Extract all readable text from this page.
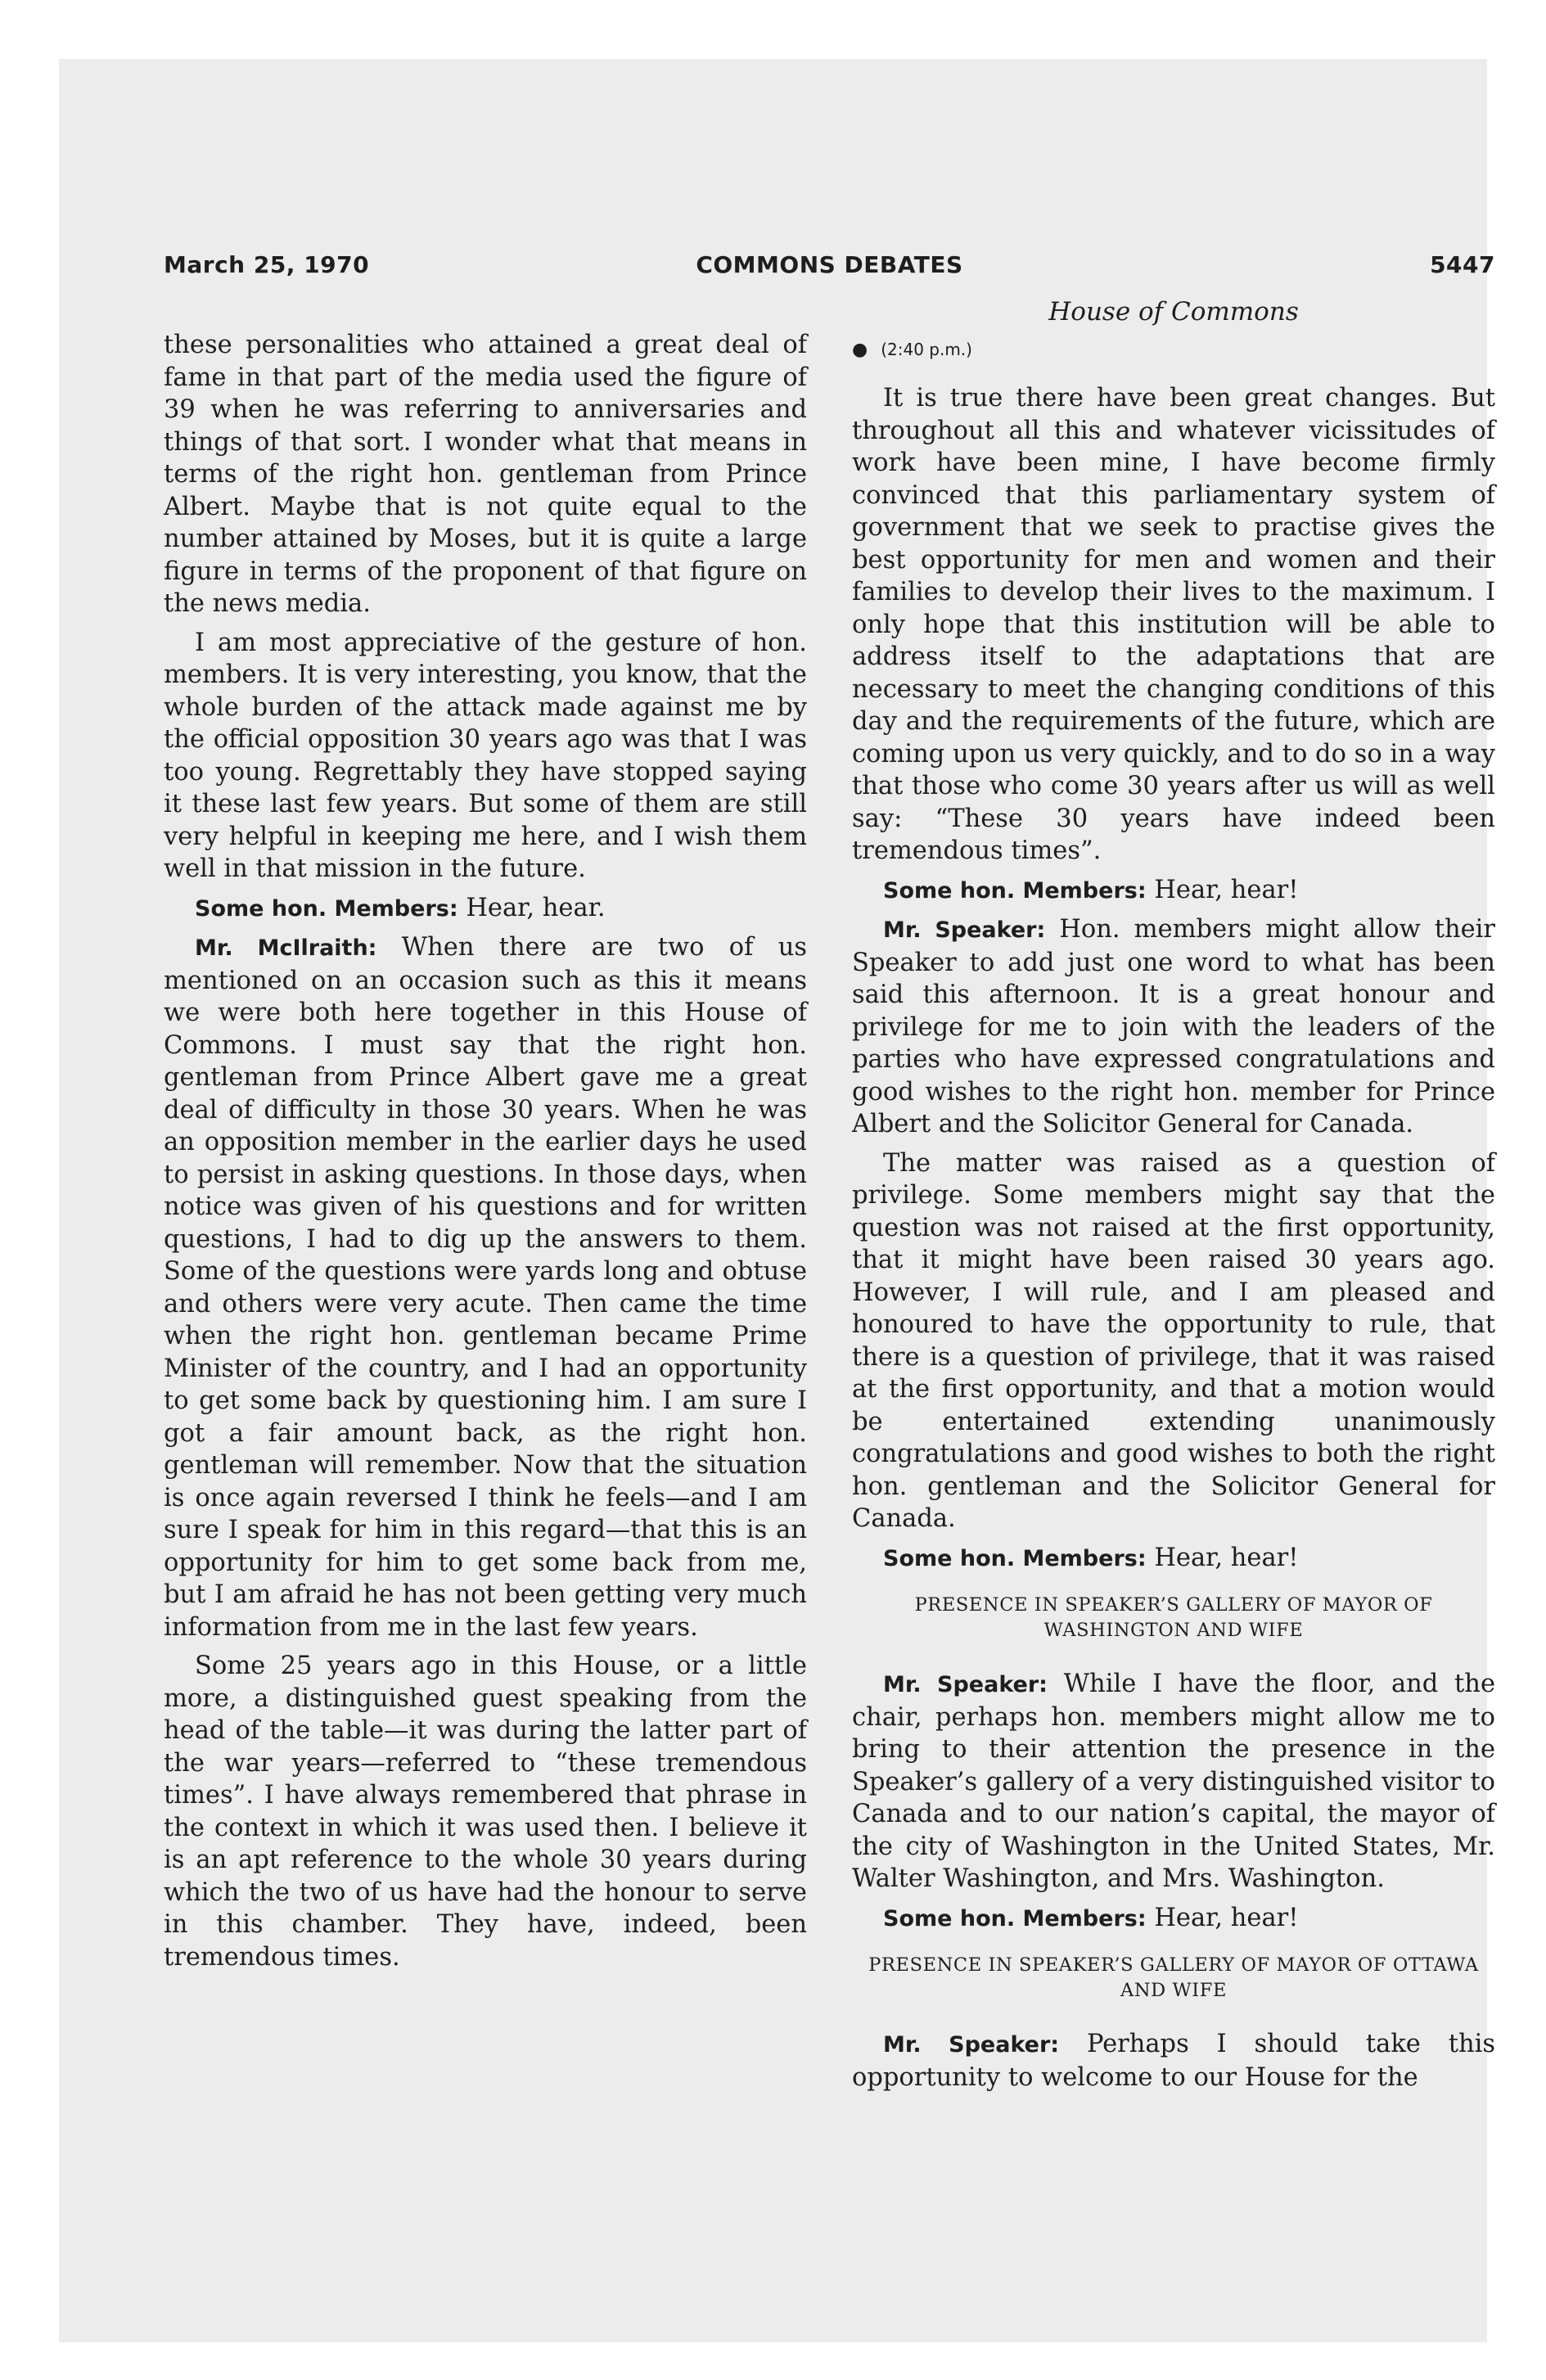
March 25, 1970	COMMONS DEBATES	5447

these personalities who attained a great deal of fame in that part of the media used the figure of 39 when he was referring to anniversaries and things of that sort. I wonder what that means in terms of the right hon. gentleman from Prince Albert. Maybe that is not quite equal to the number attained by Moses, but it is quite a large figure in terms of the proponent of that figure on the news media.

I am most appreciative of the gesture of hon. members. It is very interesting, you know, that the whole burden of the attack made against me by the official opposition 30 years ago was that I was too young. Regrettably they have stopped saying it these last few years. But some of them are still very helpful in keeping me here, and I wish them well in that mission in the future.

Some hon. Members: Hear, hear.

Mr. McIlraith: When there are two of us mentioned on an occasion such as this it means we were both here together in this House of Commons. I must say that the right hon. gentleman from Prince Albert gave me a great deal of difficulty in those 30 years. When he was an opposition member in the earlier days he used to persist in asking questions. In those days, when notice was given of his questions and for written questions, I had to dig up the answers to them. Some of the questions were yards long and obtuse and others were very acute. Then came the time when the right hon. gentleman became Prime Minister of the country, and I had an opportunity to get some back by questioning him. I am sure I got a fair amount back, as the right hon. gentleman will remember. Now that the situation is once again reversed I think he feels—and I am sure I speak for him in this regard—that this is an opportunity for him to get some back from me, but I am afraid he has not been getting very much information from me in the last few years.

Some 25 years ago in this House, or a little more, a distinguished guest speaking from the head of the table—it was during the latter part of the war years—referred to “these tremendous times”. I have always remembered that phrase in the context in which it was used then. I believe it is an apt reference to the whole 30 years during which the two of us have had the honour to serve in this chamber. They have, indeed, been tremendous times.

House of Commons

● (2:40 p.m.)

It is true there have been great changes. But throughout all this and whatever vicissitudes of work have been mine, I have become firmly convinced that this parliamentary system of government that we seek to practise gives the best opportunity for men and women and their families to develop their lives to the maximum. I only hope that this institution will be able to address itself to the adaptations that are necessary to meet the changing conditions of this day and the requirements of the future, which are coming upon us very quickly, and to do so in a way that those who come 30 years after us will as well say: “These 30 years have indeed been tremendous times”.

Some hon. Members: Hear, hear!

Mr. Speaker: Hon. members might allow their Speaker to add just one word to what has been said this afternoon. It is a great honour and privilege for me to join with the leaders of the parties who have expressed congratulations and good wishes to the right hon. member for Prince Albert and the Solicitor General for Canada.

The matter was raised as a question of privilege. Some members might say that the question was not raised at the first opportunity, that it might have been raised 30 years ago. However, I will rule, and I am pleased and honoured to have the opportunity to rule, that there is a question of privilege, that it was raised at the first opportunity, and that a motion would be entertained extending unanimously congratulations and good wishes to both the right hon. gentleman and the Solicitor General for Canada.

Some hon. Members: Hear, hear!

PRESENCE IN SPEAKER’S GALLERY OF MAYOR OF WASHINGTON AND WIFE

Mr. Speaker: While I have the floor, and the chair, perhaps hon. members might allow me to bring to their attention the presence in the Speaker’s gallery of a very distinguished visitor to Canada and to our nation’s capital, the mayor of the city of Washington in the United States, Mr. Walter Washington, and Mrs. Washington.

Some hon. Members: Hear, hear!

PRESENCE IN SPEAKER’S GALLERY OF MAYOR OF OTTAWA AND WIFE

Mr. Speaker: Perhaps I should take this opportunity to welcome to our House for the
